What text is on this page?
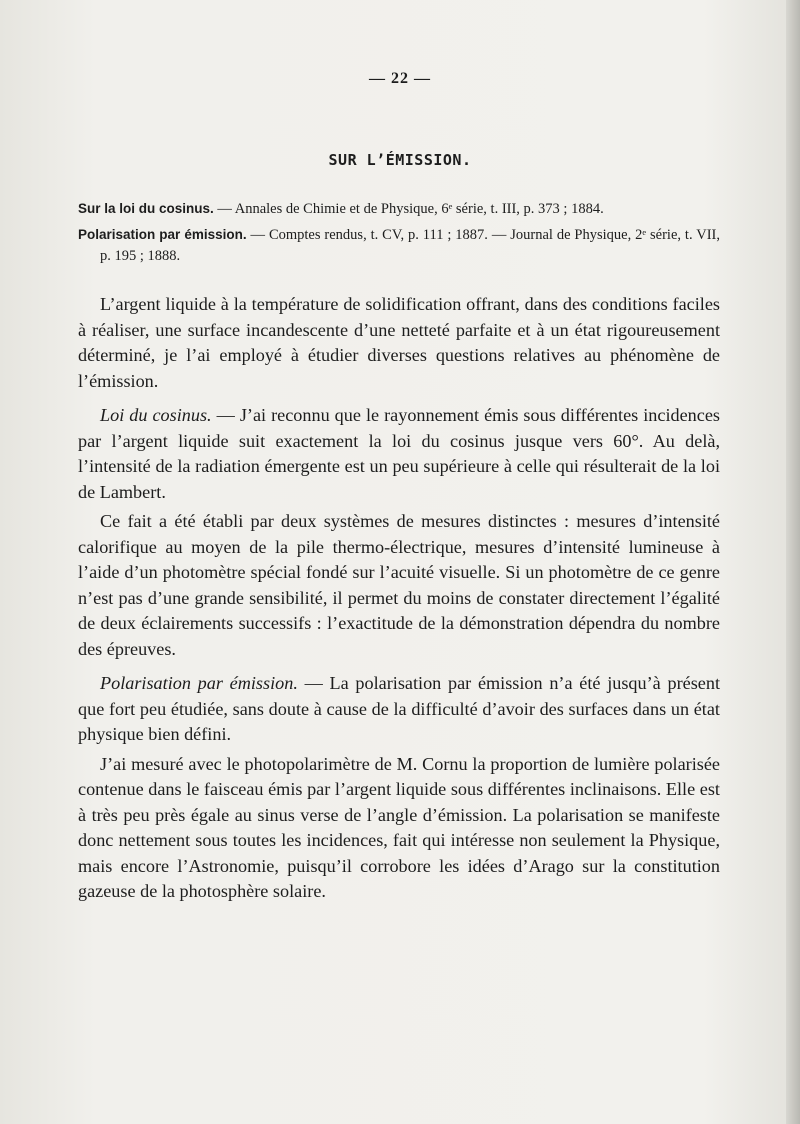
— 22 —
SUR L’ÉMISSION.

Sur la loi du cosinus. — Annales de Chimie et de Physique, 6ᵉ série, t. III, p. 373 ; 1884.

Polarisation par émission. — Comptes rendus, t. CV, p. 111 ; 1887. — Journal de Physique, 2ᵉ série, t. VII, p. 195 ; 1888.

L’argent liquide à la température de solidification offrant, dans des conditions faciles à réaliser, une surface incandescente d’une netteté parfaite et à un état rigoureusement déterminé, je l’ai employé à étudier diverses questions relatives au phénomène de l’émission.

Loi du cosinus. — J’ai reconnu que le rayonnement émis sous différentes incidences par l’argent liquide suit exactement la loi du cosinus jusque vers 60°. Au delà, l’intensité de la radiation émergente est un peu supérieure à celle qui résulterait de la loi de Lambert.

Ce fait a été établi par deux systèmes de mesures distinctes : mesures d’intensité calorifique au moyen de la pile thermo-électrique, mesures d’intensité lumineuse à l’aide d’un photomètre spécial fondé sur l’acuité visuelle. Si un photomètre de ce genre n’est pas d’une grande sensibilité, il permet du moins de constater directement l’égalité de deux éclairements successifs : l’exactitude de la démonstration dépendra du nombre des épreuves.

Polarisation par émission. — La polarisation par émission n’a été jusqu’à présent que fort peu étudiée, sans doute à cause de la difficulté d’avoir des surfaces dans un état physique bien défini.

J’ai mesuré avec le photopolarimètre de M. Cornu la proportion de lumière polarisée contenue dans le faisceau émis par l’argent liquide sous différentes inclinaisons. Elle est à très peu près égale au sinus verse de l’angle d’émission. La polarisation se manifeste donc nettement sous toutes les incidences, fait qui intéresse non seulement la Physique, mais encore l’Astronomie, puisqu’il corrobore les idées d’Arago sur la constitution gazeuse de la photosphère solaire.
